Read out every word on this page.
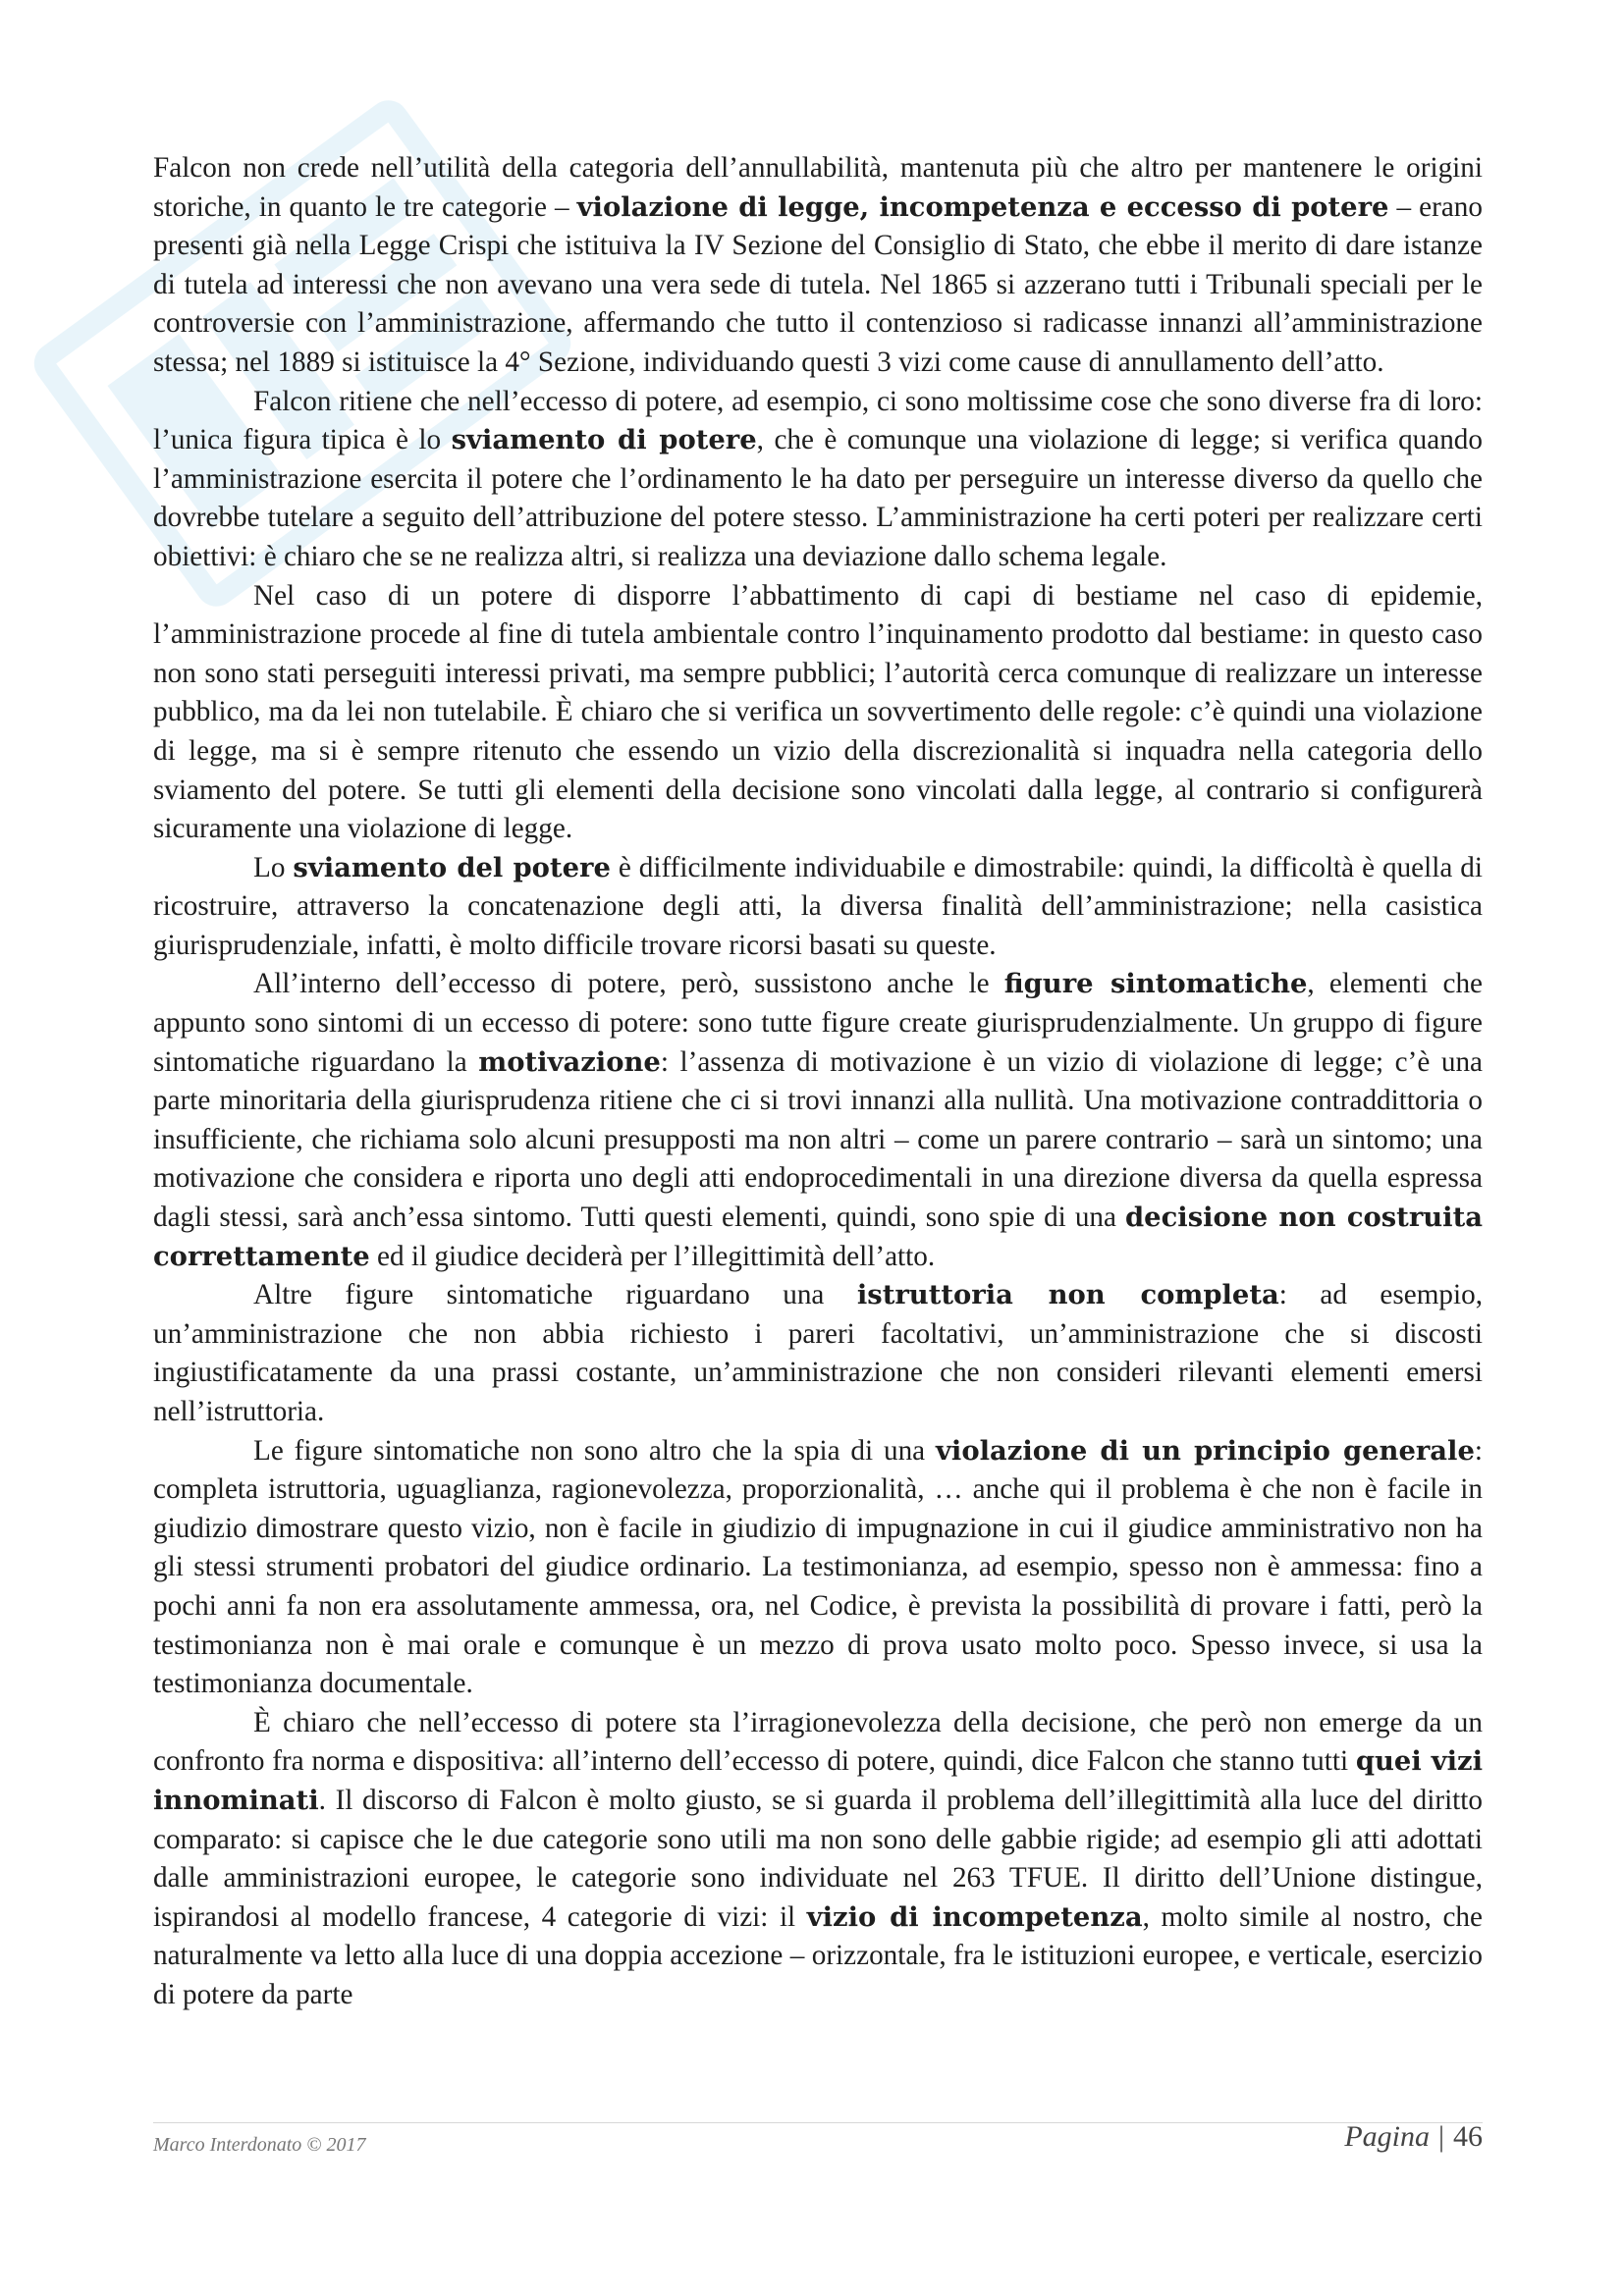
Falcon non crede nell’utilità della categoria dell’annullabilità, mantenuta più che altro per mantenere le origini storiche, in quanto le tre categorie – violazione di legge, incompetenza e eccesso di potere – erano presenti già nella Legge Crispi che istituiva la IV Sezione del Consiglio di Stato, che ebbe il merito di dare istanze di tutela ad interessi che non avevano una vera sede di tutela. Nel 1865 si azzerano tutti i Tribunali speciali per le controversie con l’amministrazione, affermando che tutto il contenzioso si radicasse innanzi all’amministrazione stessa; nel 1889 si istituisce la 4° Sezione, individuando questi 3 vizi come cause di annullamento dell’atto.

Falcon ritiene che nell’eccesso di potere, ad esempio, ci sono moltissime cose che sono diverse fra di loro: l’unica figura tipica è lo sviamento di potere, che è comunque una violazione di legge; si verifica quando l’amministrazione esercita il potere che l’ordinamento le ha dato per perseguire un interesse diverso da quello che dovrebbe tutelare a seguito dell’attribuzione del potere stesso. L’amministrazione ha certi poteri per realizzare certi obiettivi: è chiaro che se ne realizza altri, si realizza una deviazione dallo schema legale.

Nel caso di un potere di disporre l’abbattimento di capi di bestiame nel caso di epidemie, l’amministrazione procede al fine di tutela ambientale contro l’inquinamento prodotto dal bestiame: in questo caso non sono stati perseguiti interessi privati, ma sempre pubblici; l’autorità cerca comunque di realizzare un interesse pubblico, ma da lei non tutelabile. È chiaro che si verifica un sovvertimento delle regole: c’è quindi una violazione di legge, ma si è sempre ritenuto che essendo un vizio della discrezionalità si inquadra nella categoria dello sviamento del potere. Se tutti gli elementi della decisione sono vincolati dalla legge, al contrario si configurerà sicuramente una violazione di legge.

Lo sviamento del potere è difficilmente individuabile e dimostrabile: quindi, la difficoltà è quella di ricostruire, attraverso la concatenazione degli atti, la diversa finalità dell’amministrazione; nella casistica giurisprudenziale, infatti, è molto difficile trovare ricorsi basati su queste.

All’interno dell’eccesso di potere, però, sussistono anche le figure sintomatiche, elementi che appunto sono sintomi di un eccesso di potere: sono tutte figure create giurisprudenzialmente. Un gruppo di figure sintomatiche riguardano la motivazione: l’assenza di motivazione è un vizio di violazione di legge; c’è una parte minoritaria della giurisprudenza ritiene che ci si trovi innanzi alla nullità. Una motivazione contraddittoria o insufficiente, che richiama solo alcuni presupposti ma non altri – come un parere contrario – sarà un sintomo; una motivazione che considera e riporta uno degli atti endoprocedimentali in una direzione diversa da quella espressa dagli stessi, sarà anch’essa sintomo. Tutti questi elementi, quindi, sono spie di una decisione non costruita correttamente ed il giudice deciderà per l’illegittimità dell’atto.

Altre figure sintomatiche riguardano una istruttoria non completa: ad esempio, un’amministrazione che non abbia richiesto i pareri facoltativi, un’amministrazione che si discosti ingiustificatamente da una prassi costante, un’amministrazione che non consideri rilevanti elementi emersi nell’istruttoria.

Le figure sintomatiche non sono altro che la spia di una violazione di un principio generale: completa istruttoria, uguaglianza, ragionevolezza, proporzionalità, … anche qui il problema è che non è facile in giudizio dimostrare questo vizio, non è facile in giudizio di impugnazione in cui il giudice amministrativo non ha gli stessi strumenti probatori del giudice ordinario. La testimonianza, ad esempio, spesso non è ammessa: fino a pochi anni fa non era assolutamente ammessa, ora, nel Codice, è prevista la possibilità di provare i fatti, però la testimonianza non è mai orale e comunque è un mezzo di prova usato molto poco. Spesso invece, si usa la testimonianza documentale.

È chiaro che nell’eccesso di potere sta l’irragionevolezza della decisione, che però non emerge da un confronto fra norma e dispositiva: all’interno dell’eccesso di potere, quindi, dice Falcon che stanno tutti quei vizi innominati. Il discorso di Falcon è molto giusto, se si guarda il problema dell’illegittimità alla luce del diritto comparato: si capisce che le due categorie sono utili ma non sono delle gabbie rigide; ad esempio gli atti adottati dalle amministrazioni europee, le categorie sono individuate nel 263 TFUE. Il diritto dell’Unione distingue, ispirandosi al modello francese, 4 categorie di vizi: il vizio di incompetenza, molto simile al nostro, che naturalmente va letto alla luce di una doppia accezione – orizzontale, fra le istituzioni europee, e verticale, esercizio di potere da parte

Marco Interdonato © 2017	Pagina | 46
